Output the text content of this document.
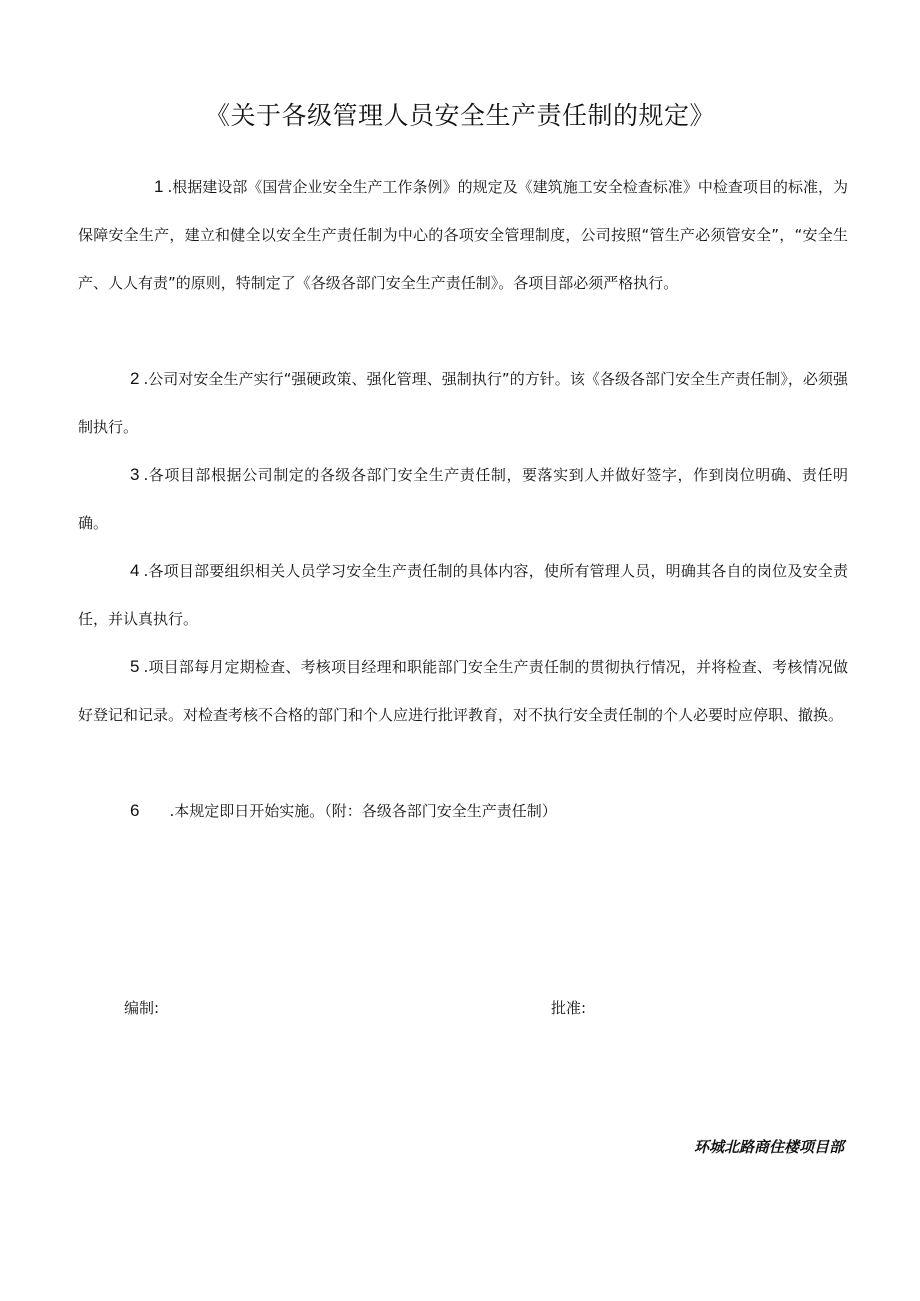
《关于各级管理人员安全生产责任制的规定》
1 .根据建设部《国营企业安全生产工作条例》的规定及《建筑施工安全检查标准》中检查项目的标准，为保障安全生产，建立和健全以安全生产责任制为中心的各项安全管理制度，公司按照“管生产必须管安全”，“安全生产、人人有责”的原则，特制定了《各级各部门安全生产责任制》。各项目部必须严格执行。
2 .公司对安全生产实行“强硬政策、强化管理、强制执行”的方针。该《各级各部门安全生产责任制》，必须强制执行。
3 .各项目部根据公司制定的各级各部门安全生产责任制，要落实到人并做好签字，作到岗位明确、责任明确。
4 .各项目部要组织相关人员学习安全生产责任制的具体内容，使所有管理人员，明确其各自的岗位及安全责任，并认真执行。
5 .项目部每月定期检查、考核项目经理和职能部门安全生产责任制的贯彻执行情况，并将检查、考核情况做好登记和记录。对检查考核不合格的部门和个人应进行批评教育，对不执行安全责任制的个人必要时应停职、撤换。
6 .本规定即日开始实施。（附：各级各部门安全生产责任制）
编制:	批准:
环城北路商住楼项目部
